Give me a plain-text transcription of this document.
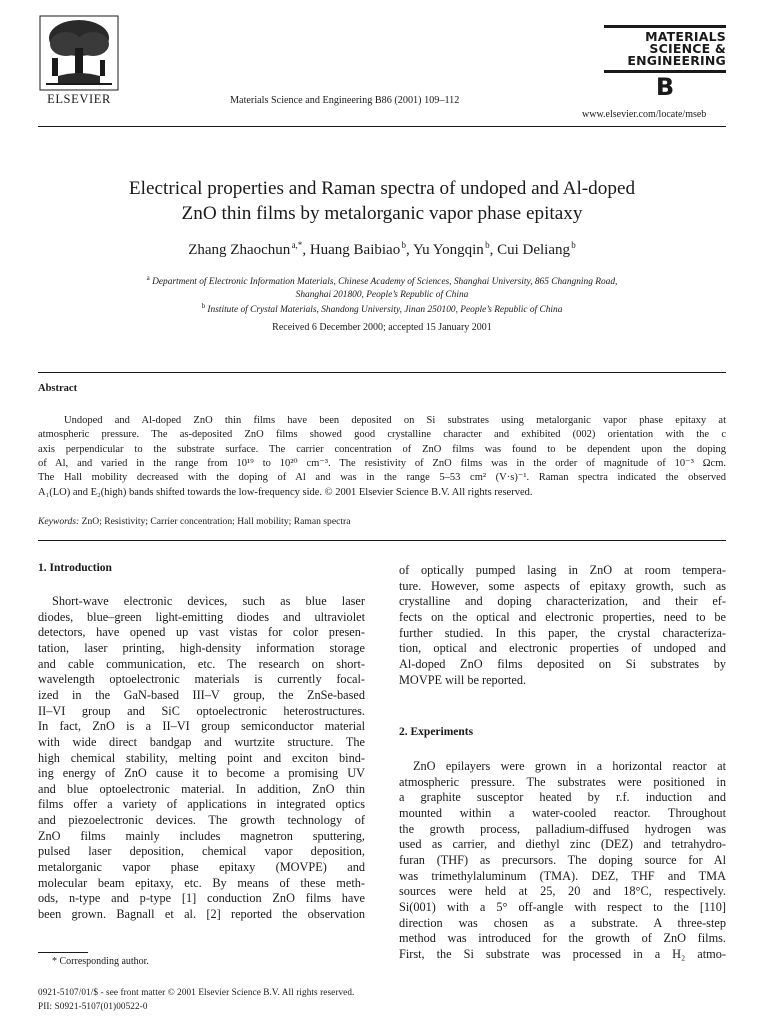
ELSEVIER	Materials Science and Engineering B86 (2001) 109–112
MATERIALS
SCIENCE &
ENGINEERING
B
www.elsevier.com/locate/mseb
Electrical properties and Raman spectra of undoped and Al-doped
ZnO thin films by metalorganic vapor phase epitaxy
Zhang Zhaochun $^{a,*}$, Huang Baibiao $^b$, Yu Yongqin $^b$, Cui Deliang $^b$
$^a$ Department of Electronic Information Materials, Chinese Academy of Sciences, Shanghai University, 865 Changning Road,
Shanghai 201800, People’s Republic of China
$^b$ Institute of Crystal Materials, Shandong University, Jinan 250100, People’s Republic of China
Received 6 December 2000; accepted 15 January 2001
Abstract
Undoped and Al-doped ZnO thin films have been deposited on Si substrates using metalorganic vapor phase epitaxy at
atmospheric pressure. The as-deposited ZnO films showed good crystalline character and exhibited (002) orientation with the c
axis perpendicular to the substrate surface. The carrier concentration of ZnO films was found to be dependent upon the doping
of Al, and varied in the range from 10¹⁹ to 10²⁰ cm⁻³. The resistivity of ZnO films was in the order of magnitude of 10⁻³ Ωcm.
The Hall mobility decreased with the doping of Al and was in the range 5–53 cm² (V·s)⁻¹. Raman spectra indicated the observed
A₁(LO) and E₂(high) bands shifted towards the low-frequency side. © 2001 Elsevier Science B.V. All rights reserved.
Keywords: ZnO; Resistivity; Carrier concentration; Hall mobility; Raman spectra
1. Introduction
Short-wave electronic devices, such as blue laser
diodes, blue–green light-emitting diodes and ultraviolet
detectors, have opened up vast vistas for color presen-
tation, laser printing, high-density information storage
and cable communication, etc. The research on short-
wavelength optoelectronic materials is currently focal-
ized in the GaN-based III–V group, the ZnSe-based
II–VI group and SiC optoelectronic heterostructures.
In fact, ZnO is a II–VI group semiconductor material
with wide direct bandgap and wurtzite structure. The
high chemical stability, melting point and exciton bind-
ing energy of ZnO cause it to become a promising UV
and blue optoelectronic material. In addition, ZnO thin
films offer a variety of applications in integrated optics
and piezoelectronic devices. The growth technology of
ZnO films mainly includes magnetron sputtering,
pulsed laser deposition, chemical vapor deposition,
metalorganic vapor phase epitaxy (MOVPE) and
molecular beam epitaxy, etc. By means of these meth-
ods, n-type and p-type [1] conduction ZnO films have
been grown. Bagnall et al. [2] reported the observation
of optically pumped lasing in ZnO at room tempera-
ture. However, some aspects of epitaxy growth, such as
crystalline and doping characterization, and their ef-
fects on the optical and electronic properties, need to be
further studied. In this paper, the crystal characteriza-
tion, optical and electronic properties of undoped and
Al-doped ZnO films deposited on Si substrates by
MOVPE will be reported.
ZnO epilayers were grown in a horizontal reactor at
atmospheric pressure. The substrates were positioned in
a graphite susceptor heated by r.f. induction and
mounted within a water-cooled reactor. Throughout
the growth process, palladium-diffused hydrogen was
used as carrier, and diethyl zinc (DEZ) and tetrahydro-
furan (THF) as precursors. The doping source for Al
was trimethylaluminum (TMA). DEZ, THF and TMA
sources were held at 25, 20 and 18°C, respectively.
Si(001) with a 5° off-angle with respect to the [110]
direction was chosen as a substrate. A three-step
method was introduced for the growth of ZnO films.
First, the Si substrate was processed in a H₂ atmo-
2. Experiments
* Corresponding author.
0921-5107/01/$ - see front matter © 2001 Elsevier Science B.V. All rights reserved.
PII: S0921-5107(01)00522-0
